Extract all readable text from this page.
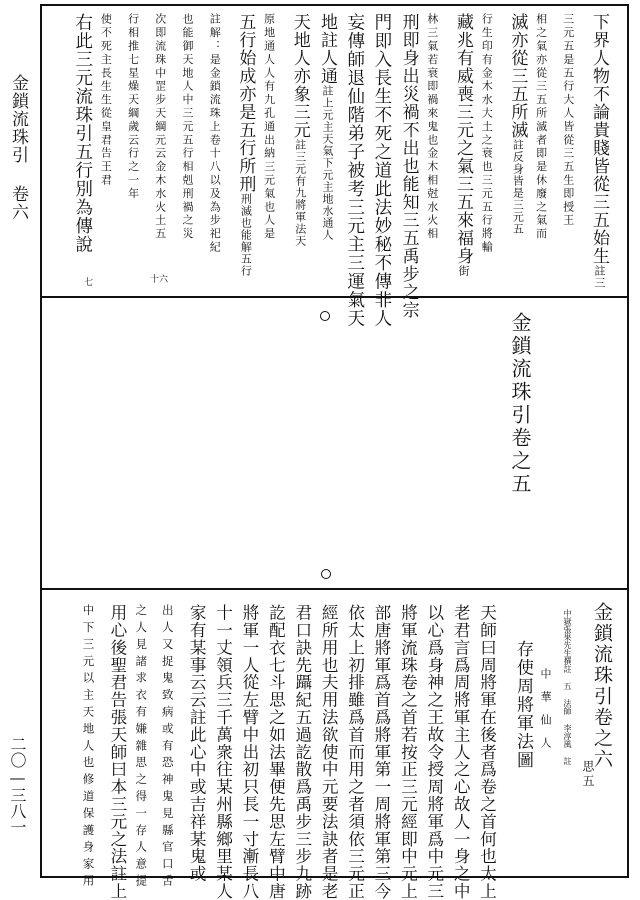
金鎖流珠引 卷六
二〇—三八一
下界人物不論貴賤皆從三五始生註三
三元五是五行大人皆從三五生即授王
相之氣亦從三五所滅者即是休廢之氣而
滅亦從三五所滅註反身皆是三元五
行生印有金木水大土之衰也三元五行將輸
藏兆有威喪三元之氣三五來福身街
林三氣若衰即禍來鬼也金木相尅水火相
刑即身出災禍不出也能知三五禹步之宗
門即入長生不死之道此法妙秘不傳非人
妄傳師退仙階弟子被考三元主三運氣天
地註人通註上元主天氣下元主地水通人
天地人亦象三元註三元有九將軍法天
原地通人人有九孔通出納三元氣也人是
五行始成亦是五行所刑刑滅也能解五行
註解：是金鎖流珠上卷十八以及為步祀紀
也能御天地人中三元五行相剋刑禍之災
次即流珠中罡步天綱元云金木水火土五
行相推七星燥天綱歲云行之一年
使不死主長生生從皇君告王君
右此三元流珠引五行別為傳說
七	十六
金鎖流珠引卷之五
金鎖流珠引卷之六
思五
中嶽張果先生撰註 五 法師 李淳風 註
中華仙人
存使周將軍法圖
天師曰周將軍在後者爲卷之首何也太上
老君言爲周將軍主人之心故人一身之中
以心爲身神之王故令授周將軍爲中元三
將軍流珠卷之首若按正三元經即中元上
部唐將軍爲首爲將軍第一周將軍第三今
依太上初排雖爲首而用之者須依三元正
經所用也夫用法欲使中元要法訣者是老
君口訣先躡紀五過訖散爲禹步三步九跡
訖配衣七斗思之如法畢便先思左臂中唐
將軍一人從左臂中出初只長一寸漸長八
十一丈領兵三千萬衆往某州縣鄉里某人
家有某事云云註此心中或吉祥某鬼或
出人又捉鬼致病或有恐神鬼見縣官口舌
之人見諸求衣有嫌雜思之得一存人意提
用心後聖君告張天師曰本三元之法註上
中下三元以主天地人也修道保護身家用
